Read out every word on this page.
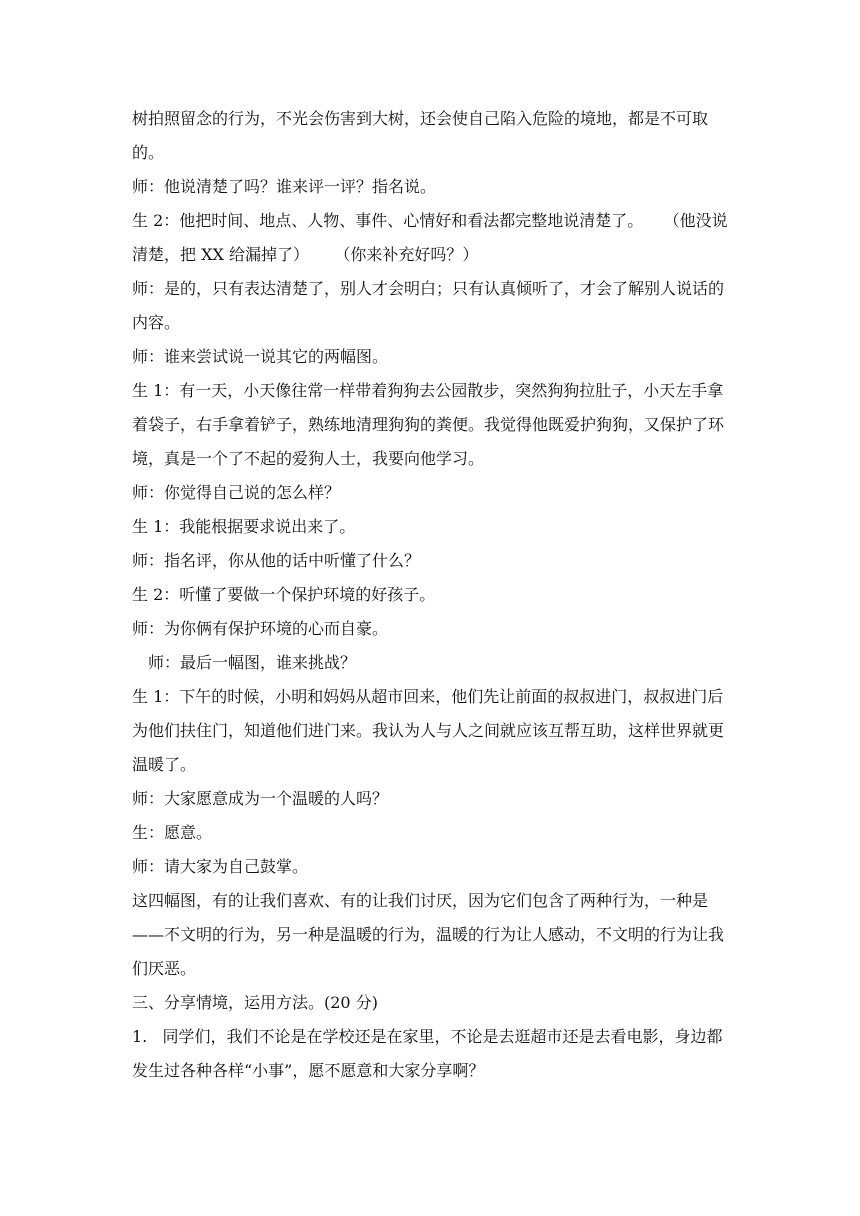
树拍照留念的行为，不光会伤害到大树，还会使自己陷入危险的境地，都是不可取的。

师：他说清楚了吗？谁来评一评？指名说。

生 2：他把时间、地点、人物、事件、心情好和看法都完整地说清楚了。    （他没说清楚，把 XX 给漏掉了）     （你来补充好吗？）

师：是的，只有表达清楚了，别人才会明白；只有认真倾听了，才会了解别人说话的内容。

师：谁来尝试说一说其它的两幅图。

生 1：有一天，小天像往常一样带着狗狗去公园散步，突然狗狗拉肚子，小天左手拿着袋子，右手拿着铲子，熟练地清理狗狗的粪便。我觉得他既爱护狗狗，又保护了环境，真是一个了不起的爱狗人士，我要向他学习。

师：你觉得自己说的怎么样？

生 1：我能根据要求说出来了。

师：指名评，你从他的话中听懂了什么？

生 2：听懂了要做一个保护环境的好孩子。

师：为你俩有保护环境的心而自豪。

师：最后一幅图，谁来挑战？

生 1：下午的时候，小明和妈妈从超市回来，他们先让前面的叔叔进门，叔叔进门后为他们扶住门，知道他们进门来。我认为人与人之间就应该互帮互助，这样世界就更温暖了。

师：大家愿意成为一个温暖的人吗？

生：愿意。

师：请大家为自己鼓掌。

这四幅图，有的让我们喜欢、有的让我们讨厌，因为它们包含了两种行为，一种是——不文明的行为，另一种是温暖的行为，温暖的行为让人感动，不文明的行为让我们厌恶。

三、分享情境，运用方法。(20 分)

1.   同学们，我们不论是在学校还是在家里，不论是去逛超市还是去看电影，身边都发生过各种各样“小事”，愿不愿意和大家分享啊？
